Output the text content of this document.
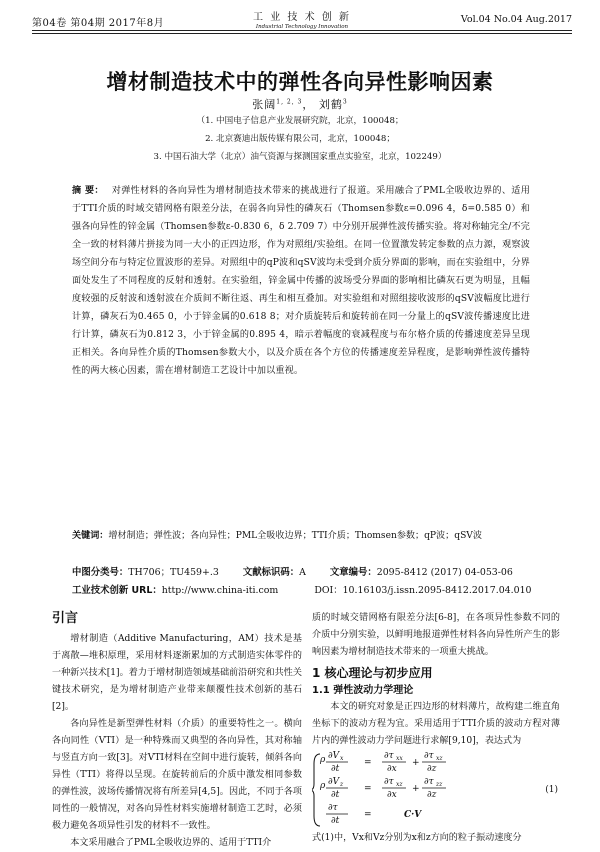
第04卷 第04期 2017年8月
工 业 技 术 创 新
Industrial Technology Innovation
Vol.04 No.04 Aug.2017
增材制造技术中的弹性各向异性影响因素
张阔$^{1, 2, 3}$， 刘鹤$^3$
（1. 中国电子信息产业发展研究院，北京，100048；
2. 北京赛迪出版传媒有限公司，北京，100048；
3. 中国石油大学（北京）油气资源与探测国家重点实验室，北京，102249）
摘 要： 对弹性材料的各向异性为增材制造技术带来的挑战进行了报道。采用融合了PML全吸收边界的、适用于TTI介质的时域交错网格有限差分法，在弱各向异性的磷灰石（Thomsen参数ε=0.096 4，δ=0.585 0）和强各向异性的锌金属（Thomsen参数ε-0.830 6，δ 2.709 7）中分别开展弹性波传播实验。将对称轴完全/不完全一致的材料薄片拼接为同一大小的正四边形，作为对照组/实验组。在同一位置激发转定参数的点力源，观察波场空间分布与特定位置波形的差异。对照组中的qP波和qSV波均未受到介质分界面的影响，而在实验组中，分界面处发生了不同程度的反射和透射。在实验组，锌金属中传播的波场受分界面的影响相比磷灰石更为明显，且幅度较强的反射波和透射波在介质间不断往返、再生和相互叠加。对实验组和对照组接收波形的qSV波幅度比进行计算，磷灰石为0.465 0，小于锌金属的0.618 8；对介质旋转后和旋转前在同一分量上的qSV波传播速度比进行计算，磷灰石为0.812 3，小于锌金属的0.895 4，暗示着幅度的衰减程度与布尔格介质的传播速度差异呈现正相关。各向异性介质的Thomsen参数大小，以及介质在各个方位的传播速度差异程度，是影响弹性波传播特性的两大核心因素，需在增材制造工艺设计中加以重视。
关键词：增材制造；弹性波；各向异性；PML全吸收边界；TTI介质；Thomsen参数；qP波；qSV波
中图分类号：TH706；TU459+.3	文献标识码：A	文章编号：2095-8412 (2017) 04-053-06
工业技术创新 URL：http://www.china-iti.com	DOI：10.16103/j.issn.2095-8412.2017.04.010
引言

增材制造（Additive Manufacturing，AM）技术是基于离散—堆积原理，采用材料逐渐累加的方式制造实体零件的一种新兴技术[1]。着力于增材制造领域基础前沿研究和共性关键技术研究，是为增材制造产业带来颠覆性技术创新的基石[2]。

各向异性是新型弹性材料（介质）的重要特性之一。横向各向同性（VTI）是一种特殊而又典型的各向异性，其对称轴与竖直方向一致[3]。对VTI材料在空间中进行旋转，倾斜各向异性（TTI）将得以呈现。在旋转前后的介质中激发相同参数的弹性波，波场传播情况将有所差异[4,5]。因此，不同于各项同性的一般情况，对各向异性材料实施增材制造工艺时，必须极力避免各项异性引发的材料不一致性。

本文采用融合了PML全吸收边界的、适用于TTI介

质的时域交错网格有限差分法[6-8]，在各项异性参数不同的介质中分别实验，以鲜明地报道弹性材料各向异性所产生的影响因素为增材制造技术带来的一项重大挑战。

1 核心理论与初步应用
1.1 弹性波动力学理论

本文的研究对象是正四边形的材料薄片，故构建二维直角坐标下的波动方程为宜。采用适用于TTI介质的波动方程对薄片内的弹性波动力学问题进行求解[9,10]，表达式为

ρ ∂V x
∂t
=
∂τ xx
∂x
+
∂τ xz
∂z
ρ ∂V z
∂t
=
∂τ xz
∂x
+
∂τ zz
∂z
∂τ
∂t
=	C·V
(1)

式(1)中，Vx和Vz分别为x和z方向的粒子振动速度分
